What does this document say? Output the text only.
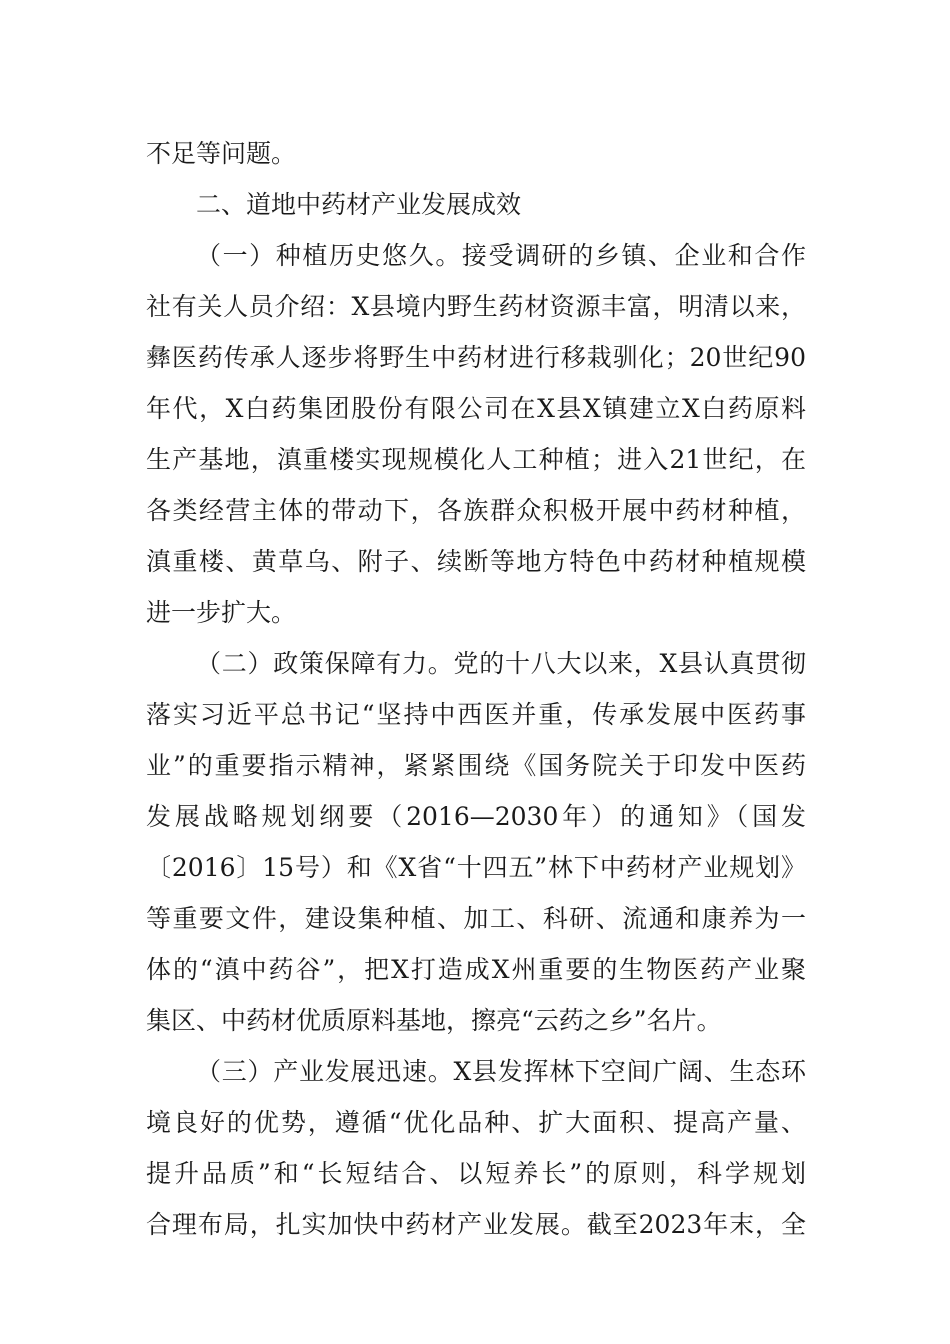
不足等问题。
二、道地中药材产业发展成效
（一）种植历史悠久。接受调研的乡镇、企业和合作
社有关人员介绍：X县境内野生药材资源丰富，明清以来，
彝医药传承人逐步将野生中药材进行移栽驯化；20世纪90
年代，X白药集团股份有限公司在X县X镇建立X白药原料
生产基地，滇重楼实现规模化人工种植；进入21世纪，在
各类经营主体的带动下，各族群众积极开展中药材种植，
滇重楼、黄草乌、附子、续断等地方特色中药材种植规模
进一步扩大。
（二）政策保障有力。党的十八大以来，X县认真贯彻
落实习近平总书记“坚持中西医并重，传承发展中医药事
业”的重要指示精神，紧紧围绕《国务院关于印发中医药
发展战略规划纲要（2016—2030年）的通知》（国发
〔2016〕15号）和《X省“十四五”林下中药材产业规划》
等重要文件，建设集种植、加工、科研、流通和康养为一
体的“滇中药谷”，把X打造成X州重要的生物医药产业聚
集区、中药材优质原料基地，擦亮“云药之乡”名片。
（三）产业发展迅速。X县发挥林下空间广阔、生态环
境良好的优势，遵循“优化品种、扩大面积、提高产量、
提升品质”和“长短结合、以短养长”的原则，科学规划
合理布局，扎实加快中药材产业发展。截至2023年末，全
